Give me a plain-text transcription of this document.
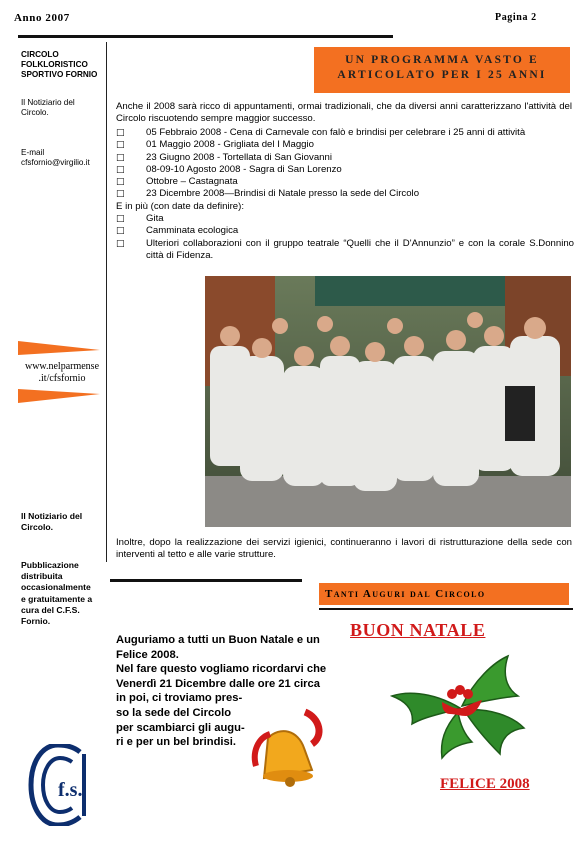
Anno 2007	Pagina 2
CIRCOLO
FOLKLORISTICO
SPORTIVO FORNIO
Il Notiziario del
Circolo.
E-mail
cfsfornio@virgilio.it
www.nelparmense
.it/cfsfornio
Il Notiziario del
Circolo.
Pubblicazione
distribuita
occasionalmente
e gratuitamente a
cura del C.F.S.
Fornio.
f.s.
UN PROGRAMMA VASTO E
ARTICOLATO PER I 25 ANNI
Anche il 2008 sarà ricco di appuntamenti, ormai tradizionali, che da diversi anni caratterizzano l'attività del Circolo riscuotendo sempre maggior successo.
□	05 Febbraio 2008 - Cena di Carnevale con falò e brindisi per celebrare i 25 anni di attività
□	01 Maggio 2008 - Grigliata del I Maggio
□	23 Giugno 2008 - Tortellata di San Giovanni
□	08-09-10 Agosto 2008 - Sagra di San Lorenzo
□	Ottobre – Castagnata
□	23 Dicembre 2008—Brindisi di Natale presso la sede del Circolo
E in più (con date da definire):
□	Gita
□	Camminata ecologica
□	Ulteriori collaborazioni con il gruppo teatrale “Quelli che il D'Annunzio” e con la corale S.Donnino città di Fidenza.
Inoltre, dopo la realizzazione dei servizi igienici, continueranno i lavori di ristrutturazione della sede con interventi al tetto e alle varie strutture.
Tanti Auguri dal Circolo
Auguriamo a tutti un Buon Natale e un
Felice 2008.
Nel fare questo vogliamo ricordarvi che
Venerdì 21 Dicembre dalle ore 21 circa
in poi, ci troviamo pres-
so la sede del Circolo
per scambiarci gli augu-
ri e per un bel brindisi.
BUON NATALE
FELICE 2008
